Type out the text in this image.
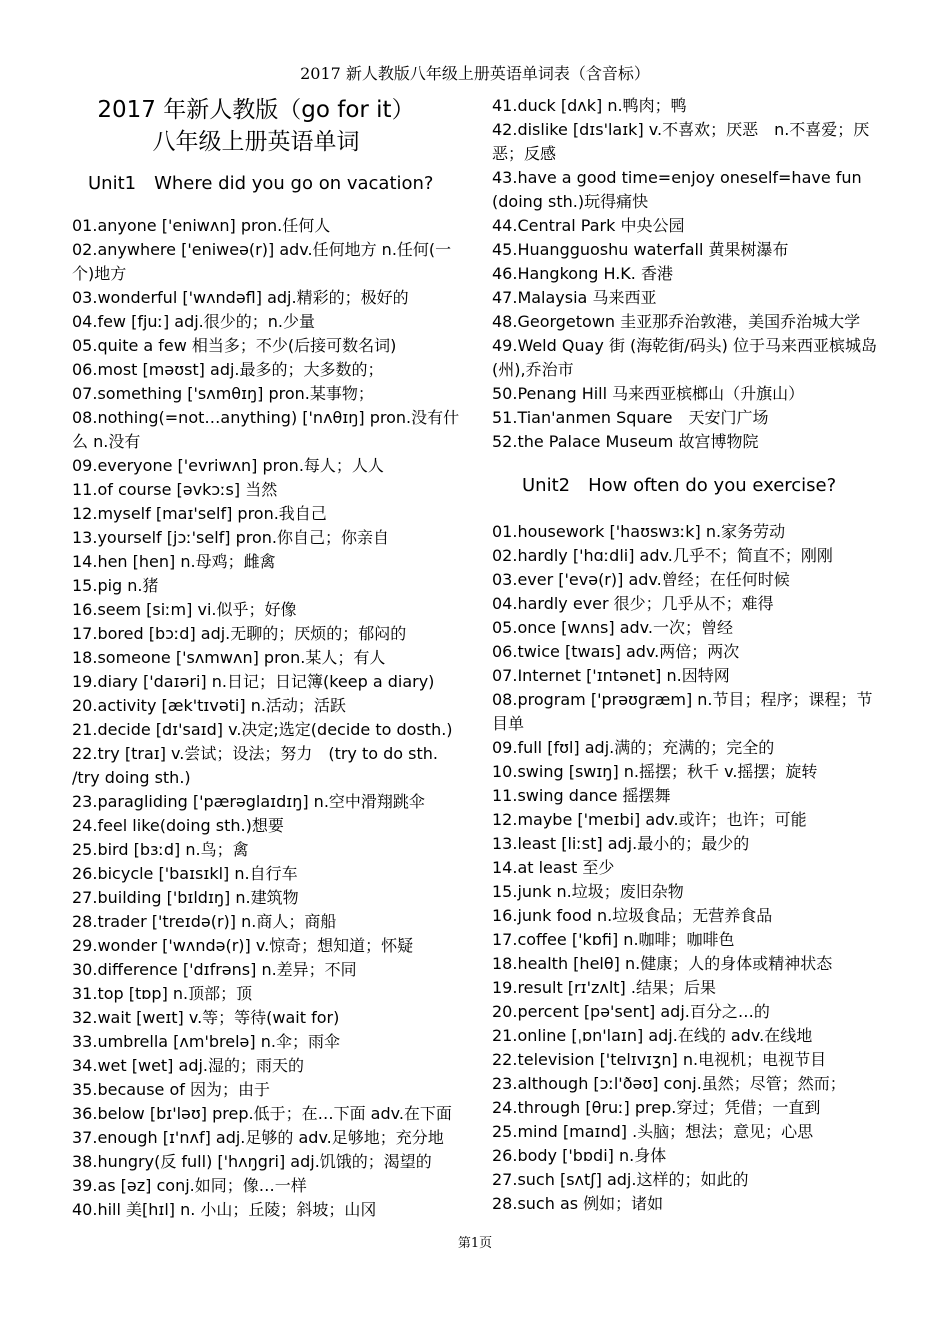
2017 新人教版八年级上册英语单词表（含音标）
2017 年新人教版（go for it）
八年级上册英语单词
Unit1　Where did you go on vacation?
01.anyone ['eniwʌn] pron.任何人
02.anywhere ['eniweə(r)] adv.任何地方 n.任何(一个)地方
03.wonderful ['wʌndəfl] adj.精彩的；极好的
04.few [fjuː] adj.很少的；n.少量
05.quite a few 相当多；不少(后接可数名词)
06.most [məʊst] adj.最多的；大多数的；
07.something ['sʌmθɪŋ] pron.某事物；
08.nothing(=not…anything) ['nʌθɪŋ] pron.没有什么 n.没有
09.everyone ['evriwʌn] pron.每人；人人
11.of course [əvkɔːs] 当然
12.myself [maɪ'self] pron.我自己
13.yourself [jɔː'self] pron.你自己；你亲自
14.hen [hen] n.母鸡；雌禽
15.pig n.猪
16.seem [siːm] vi.似乎；好像
17.bored [bɔːd] adj.无聊的；厌烦的；郁闷的
18.someone ['sʌmwʌn] pron.某人；有人
19.diary ['daɪəri] n.日记；日记簿(keep a diary)
20.activity [æk'tɪvəti] n.活动；活跃
21.decide [dɪ'saɪd] v.决定;选定(decide to dosth.)
22.try [traɪ] v.尝试；设法；努力　(try to do sth. /try doing sth.)
23.paragliding ['pærəglaɪdɪŋ] n.空中滑翔跳伞
24.feel like(doing sth.)想要
25.bird [bɜːd] n.鸟；禽
26.bicycle ['baɪsɪkl] n.自行车
27.building ['bɪldɪŋ] n.建筑物
28.trader ['treɪdə(r)] n.商人；商船
29.wonder ['wʌndə(r)] v.惊奇；想知道；怀疑
30.difference ['dɪfrəns] n.差异；不同
31.top [tɒp] n.顶部；顶
32.wait [weɪt] v.等；等待(wait for)
33.umbrella [ʌm'brelə] n.伞；雨伞
34.wet [wet] adj.湿的；雨天的
35.because of 因为；由于
36.below [bɪ'ləʊ] prep.低于；在…下面 adv.在下面
37.enough [ɪ'nʌf] adj.足够的 adv.足够地；充分地
38.hungry(反 full) ['hʌŋgri] adj.饥饿的；渴望的
39.as [əz] conj.如同；像…一样
40.hill 美[hɪl] n. 小山；丘陵；斜坡；山冈
41.duck [dʌk] n.鸭肉；鸭
42.dislike [dɪs'laɪk] v.不喜欢；厌恶　n.不喜爱；厌恶；反感
43.have a good time=enjoy oneself=have fun (doing sth.)玩得痛快
44.Central Park 中央公园
45.Huangguoshu waterfall 黄果树瀑布
46.Hangkong H.K. 香港
47.Malaysia 马来西亚
48.Georgetown 圭亚那乔治敦港，美国乔治城大学
49.Weld Quay 街 (海乾街/码头) 位于马来西亚槟城岛(州),乔治市
50.Penang Hill 马来西亚槟榔山（升旗山）
51.Tian'anmen Square　天安门广场
52.the Palace Museum 故宫博物院
Unit2　How often do you exercise?
01.housework ['haʊswɜːk] n.家务劳动
02.hardly ['hɑːdli] adv.几乎不；简直不；刚刚
03.ever ['evə(r)] adv.曾经；在任何时候
04.hardly ever 很少；几乎从不；难得
05.once [wʌns] adv.一次；曾经
06.twice [twaɪs] adv.两倍；两次
07.Internet ['ɪntənet] n.因特网
08.program ['prəʊgræm] n.节目；程序；课程；节目单
09.full [fʊl] adj.满的；充满的；完全的
10.swing [swɪŋ] n.摇摆；秋千 v.摇摆；旋转
11.swing dance 摇摆舞
12.maybe ['meɪbi] adv.或许；也许；可能
13.least [liːst] adj.最小的；最少的
14.at least 至少
15.junk n.垃圾；废旧杂物
16.junk food n.垃圾食品；无营养食品
17.coffee ['kɒfi] n.咖啡；咖啡色
18.health [helθ] n.健康；人的身体或精神状态
19.result [rɪ'zʌlt] .结果；后果
20.percent [pə'sent] adj.百分之…的
21.online [ˌɒn'laɪn] adj.在线的 adv.在线地
22.television ['telɪvɪʒn] n.电视机；电视节目
23.although [ɔːl'ðəʊ] conj.虽然；尽管；然而；
24.through [θruː] prep.穿过；凭借；一直到
25.mind [maɪnd] .头脑；想法；意见；心思
26.body ['bɒdi] n.身体
27.such [sʌtʃ] adj.这样的；如此的
28.such as 例如；诸如
第1页
